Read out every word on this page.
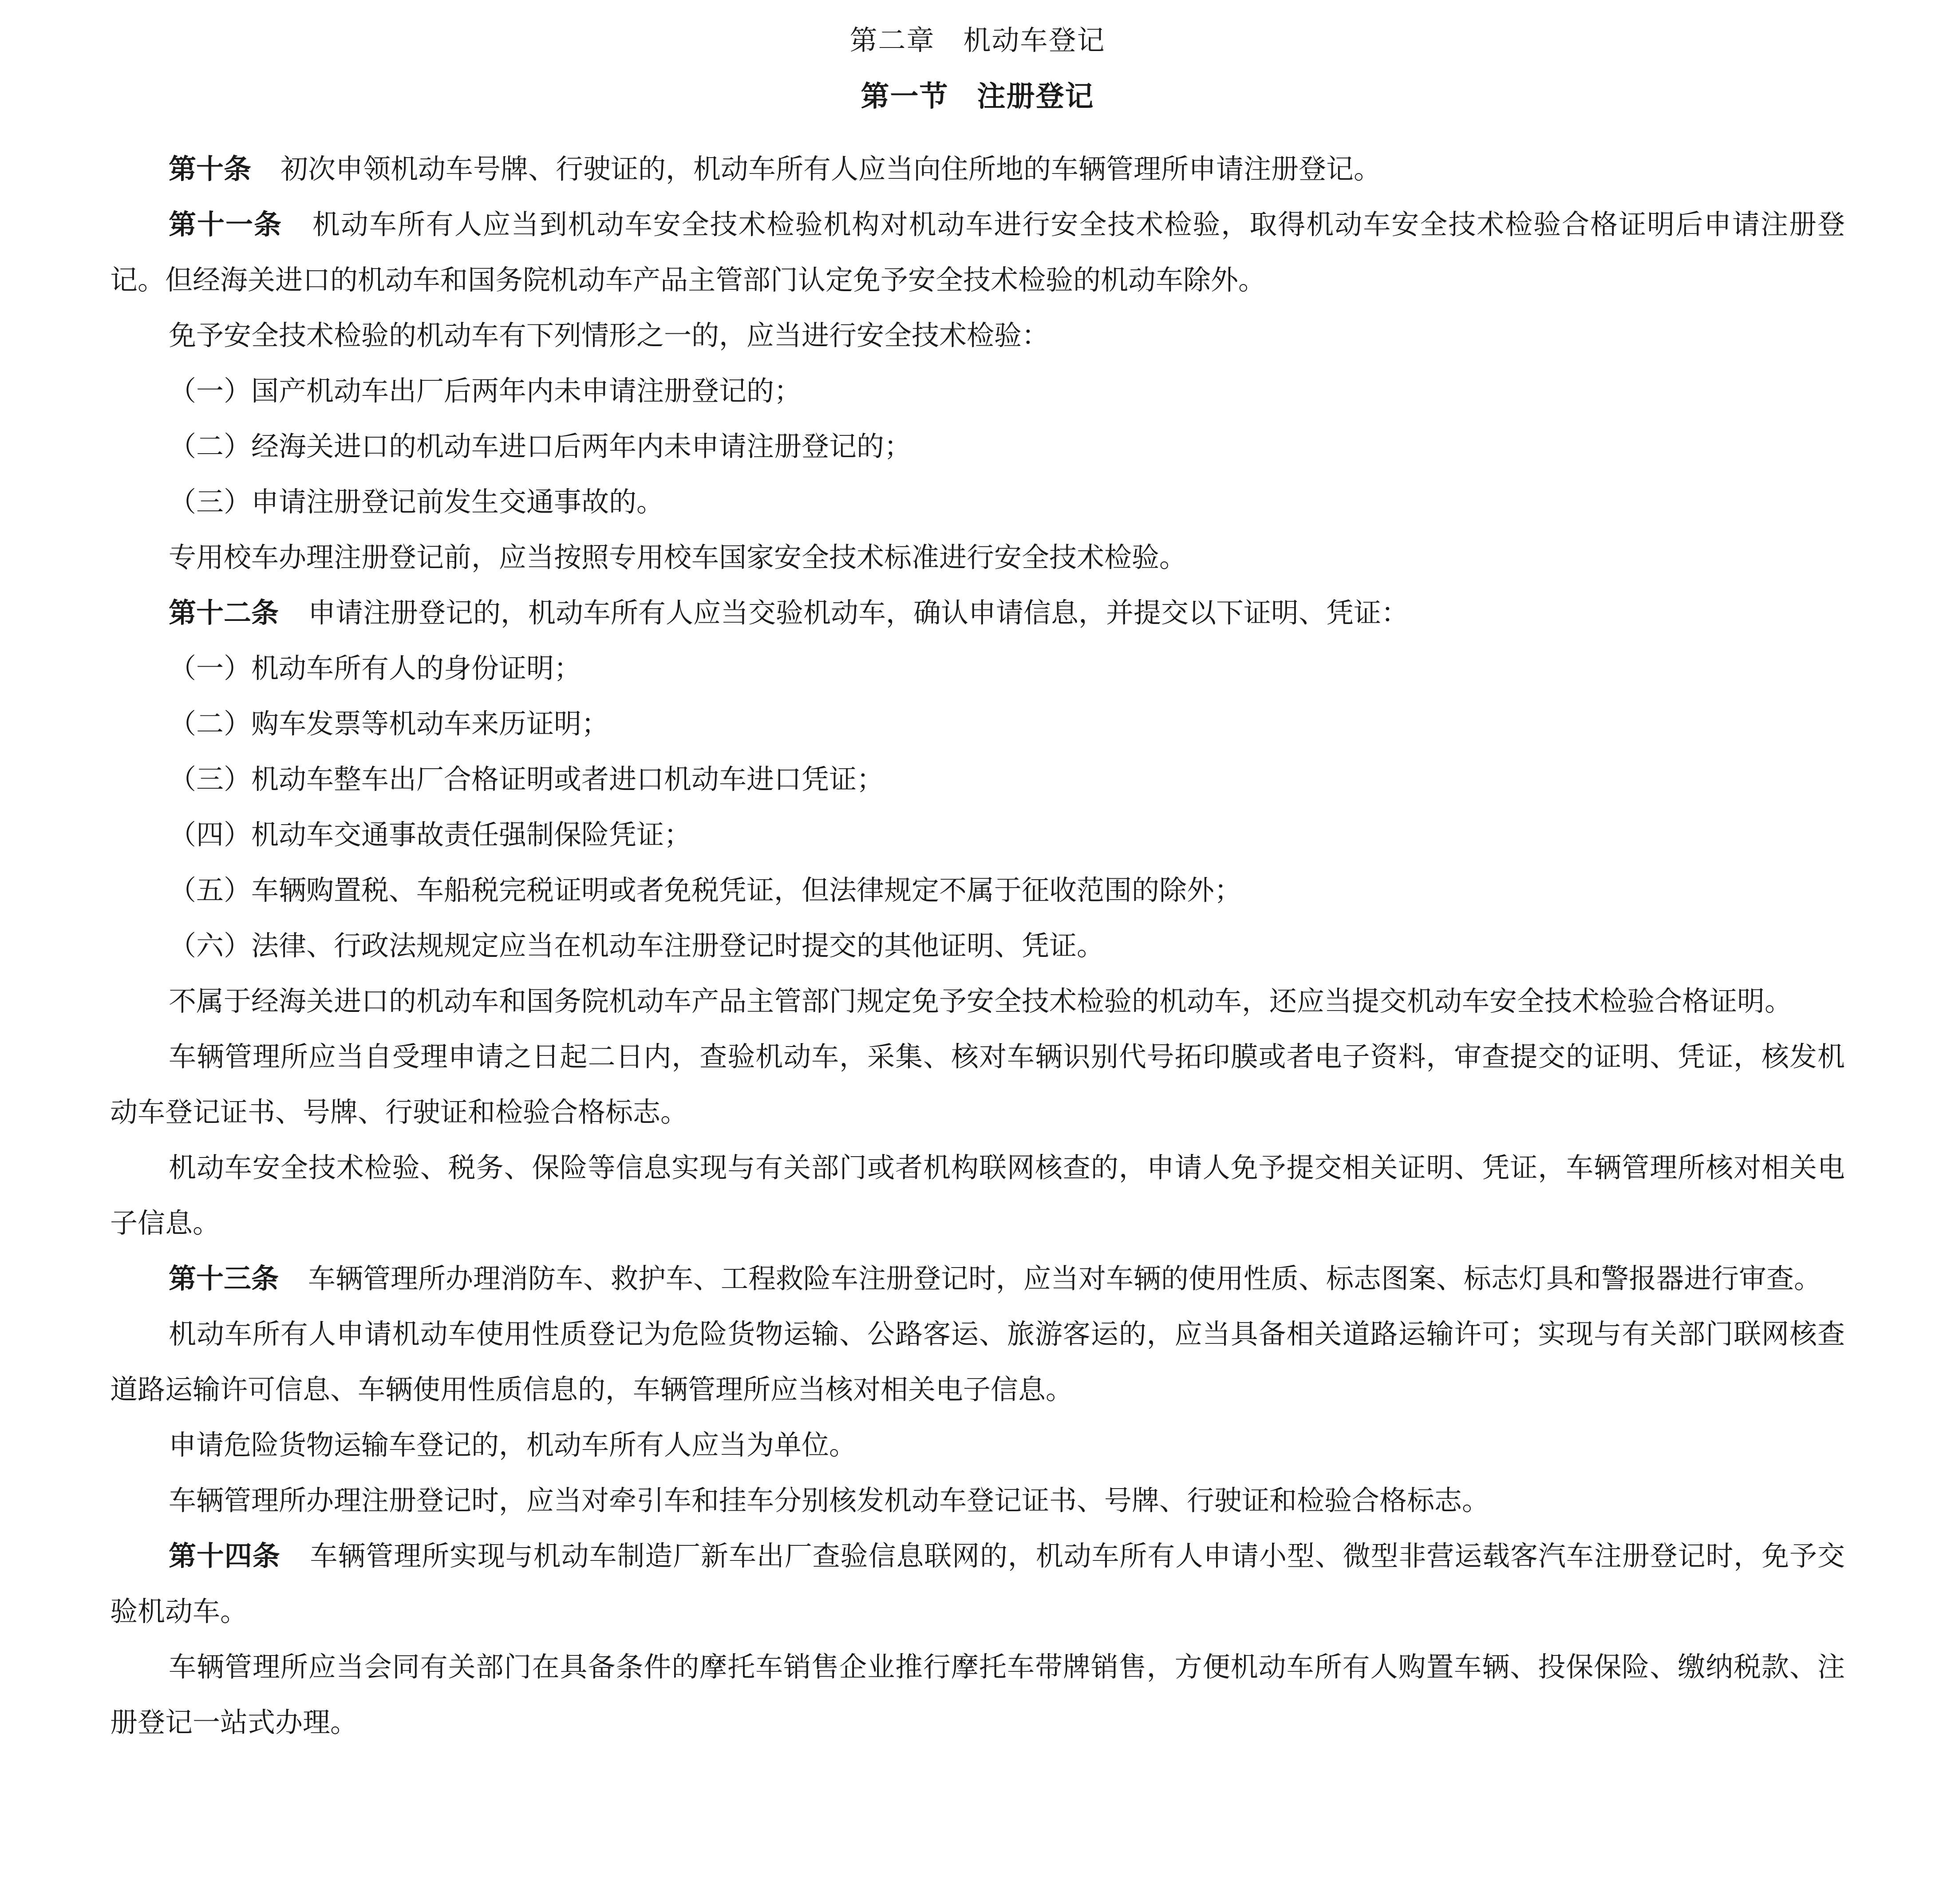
第二章 机动车登记
第一节 注册登记

第十条 初次申领机动车号牌、行驶证的，机动车所有人应当向住所地的车辆管理所申请注册登记。

第十一条 机动车所有人应当到机动车安全技术检验机构对机动车进行安全技术检验，取得机动车安全技术检验合格证明后申请注册登记。但经海关进口的机动车和国务院机动车产品主管部门认定免予安全技术检验的机动车除外。

免予安全技术检验的机动车有下列情形之一的，应当进行安全技术检验：

（一）国产机动车出厂后两年内未申请注册登记的；

（二）经海关进口的机动车进口后两年内未申请注册登记的；

（三）申请注册登记前发生交通事故的。

专用校车办理注册登记前，应当按照专用校车国家安全技术标准进行安全技术检验。

第十二条 申请注册登记的，机动车所有人应当交验机动车，确认申请信息，并提交以下证明、凭证：

（一）机动车所有人的身份证明；

（二）购车发票等机动车来历证明；

（三）机动车整车出厂合格证明或者进口机动车进口凭证；

（四）机动车交通事故责任强制保险凭证；

（五）车辆购置税、车船税完税证明或者免税凭证，但法律规定不属于征收范围的除外；

（六）法律、行政法规规定应当在机动车注册登记时提交的其他证明、凭证。

不属于经海关进口的机动车和国务院机动车产品主管部门规定免予安全技术检验的机动车，还应当提交机动车安全技术检验合格证明。

车辆管理所应当自受理申请之日起二日内，查验机动车，采集、核对车辆识别代号拓印膜或者电子资料，审查提交的证明、凭证，核发机动车登记证书、号牌、行驶证和检验合格标志。

机动车安全技术检验、税务、保险等信息实现与有关部门或者机构联网核查的，申请人免予提交相关证明、凭证，车辆管理所核对相关电子信息。

第十三条 车辆管理所办理消防车、救护车、工程救险车注册登记时，应当对车辆的使用性质、标志图案、标志灯具和警报器进行审查。

机动车所有人申请机动车使用性质登记为危险货物运输、公路客运、旅游客运的，应当具备相关道路运输许可；实现与有关部门联网核查道路运输许可信息、车辆使用性质信息的，车辆管理所应当核对相关电子信息。

申请危险货物运输车登记的，机动车所有人应当为单位。

车辆管理所办理注册登记时，应当对牵引车和挂车分别核发机动车登记证书、号牌、行驶证和检验合格标志。

第十四条 车辆管理所实现与机动车制造厂新车出厂查验信息联网的，机动车所有人申请小型、微型非营运载客汽车注册登记时，免予交验机动车。

车辆管理所应当会同有关部门在具备条件的摩托车销售企业推行摩托车带牌销售，方便机动车所有人购置车辆、投保保险、缴纳税款、注册登记一站式办理。
